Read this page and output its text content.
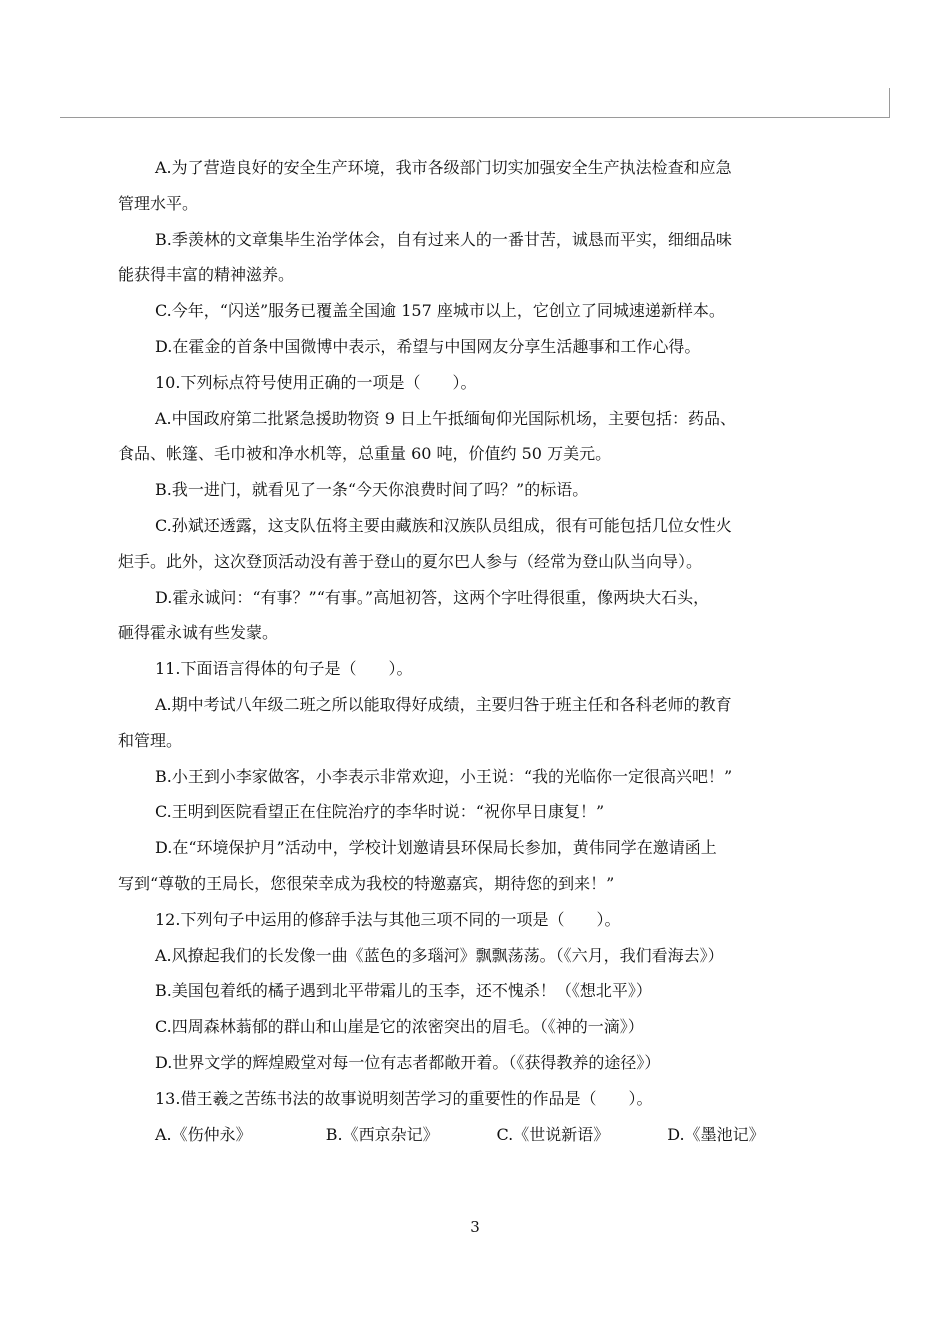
A.为了营造良好的安全生产环境，我市各级部门切实加强安全生产执法检查和应急
管理水平。
B.季羡林的文章集毕生治学体会，自有过来人的一番甘苦，诚恳而平实，细细品味
能获得丰富的精神滋养。
C.今年，“闪送”服务已覆盖全国逾 157 座城市以上，它创立了同城速递新样本。
D.在霍金的首条中国微博中表示，希望与中国网友分享生活趣事和工作心得。
10.下列标点符号使用正确的一项是（　　）。
A.中国政府第二批紧急援助物资 9 日上午抵缅甸仰光国际机场，主要包括：药品、
食品、帐篷、毛巾被和净水机等，总重量 60 吨，价值约 50 万美元。
B.我一进门，就看见了一条“今天你浪费时间了吗？”的标语。
C.孙斌还透露，这支队伍将主要由藏族和汉族队员组成，很有可能包括几位女性火
炬手。此外，这次登顶活动没有善于登山的夏尔巴人参与（经常为登山队当向导）。
D.霍永诚问：“有事？”“有事。”高旭初答，这两个字吐得很重，像两块大石头，
砸得霍永诚有些发蒙。
11.下面语言得体的句子是（　　）。
A.期中考试八年级二班之所以能取得好成绩，主要归咎于班主任和各科老师的教育
和管理。
B.小王到小李家做客，小李表示非常欢迎，小王说：“我的光临你一定很高兴吧！”
C.王明到医院看望正在住院治疗的李华时说：“祝你早日康复！”
D.在“环境保护月”活动中，学校计划邀请县环保局长参加，黄伟同学在邀请函上
写到“尊敬的王局长，您很荣幸成为我校的特邀嘉宾，期待您的到来！”
12.下列句子中运用的修辞手法与其他三项不同的一项是（　　）。
A.风撩起我们的长发像一曲《蓝色的多瑙河》飘飘荡荡。（《六月，我们看海去》）
B.美国包着纸的橘子遇到北平带霜儿的玉李，还不愧杀！（《想北平》）
C.四周森林蓊郁的群山和山崖是它的浓密突出的眉毛。（《神的一滴》）
D.世界文学的辉煌殿堂对每一位有志者都敞开着。（《获得教养的途径》）
13.借王羲之苦练书法的故事说明刻苦学习的重要性的作品是（　　）。
A.《伤仲永》	B.《西京杂记》	C.《世说新语》	D.《墨池记》
3
